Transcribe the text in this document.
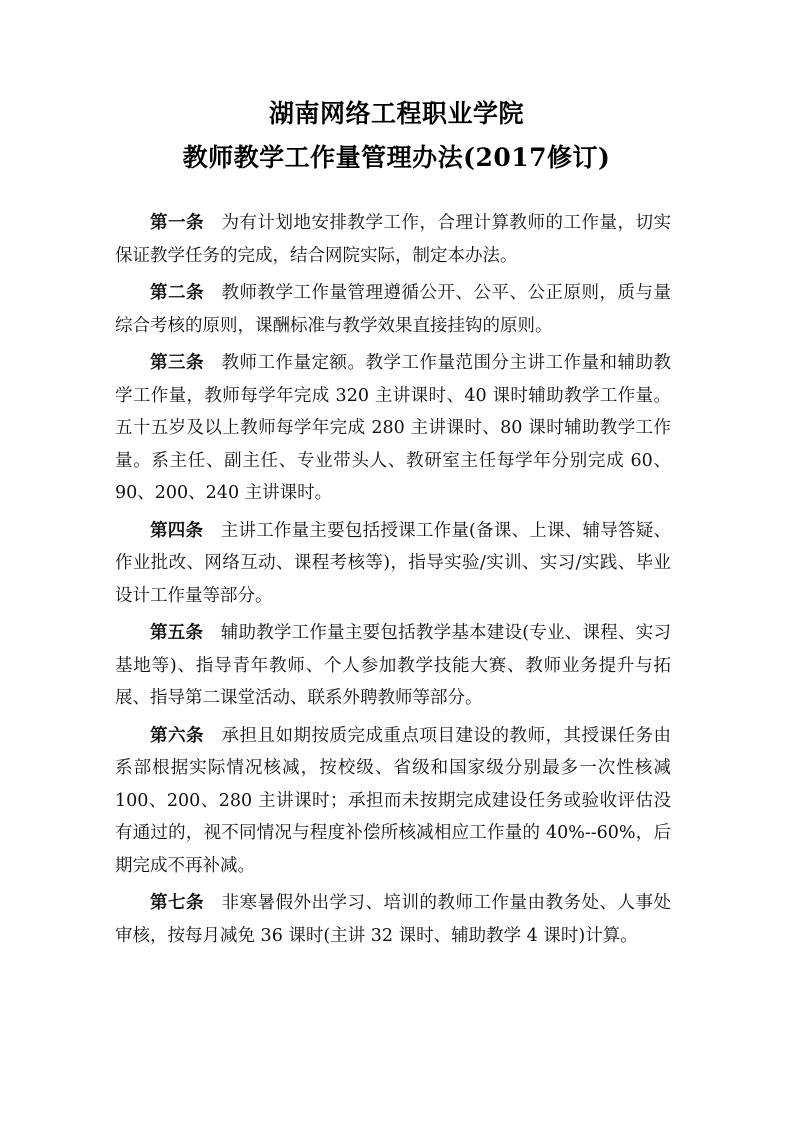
湖南网络工程职业学院
教师教学工作量管理办法(2017修订)

第一条 为有计划地安排教学工作，合理计算教师的工作量，切实保证教学任务的完成，结合网院实际，制定本办法。

第二条 教师教学工作量管理遵循公开、公平、公正原则，质与量综合考核的原则，课酬标准与教学效果直接挂钩的原则。

第三条 教师工作量定额。教学工作量范围分主讲工作量和辅助教学工作量，教师每学年完成 320 主讲课时、40 课时辅助教学工作量。五十五岁及以上教师每学年完成 280 主讲课时、80 课时辅助教学工作量。系主任、副主任、专业带头人、教研室主任每学年分别完成 60、90、200、240 主讲课时。

第四条 主讲工作量主要包括授课工作量(备课、上课、辅导答疑、作业批改、网络互动、课程考核等)，指导实验/实训、实习/实践、毕业设计工作量等部分。

第五条 辅助教学工作量主要包括教学基本建设(专业、课程、实习基地等)、指导青年教师、个人参加教学技能大赛、教师业务提升与拓展、指导第二课堂活动、联系外聘教师等部分。

第六条 承担且如期按质完成重点项目建设的教师，其授课任务由系部根据实际情况核减，按校级、省级和国家级分别最多一次性核减 100、200、280 主讲课时；承担而未按期完成建设任务或验收评估没有通过的，视不同情况与程度补偿所核减相应工作量的 40%--60%，后期完成不再补减。

第七条 非寒暑假外出学习、培训的教师工作量由教务处、人事处审核，按每月减免 36 课时(主讲 32 课时、辅助教学 4 课时)计算。
